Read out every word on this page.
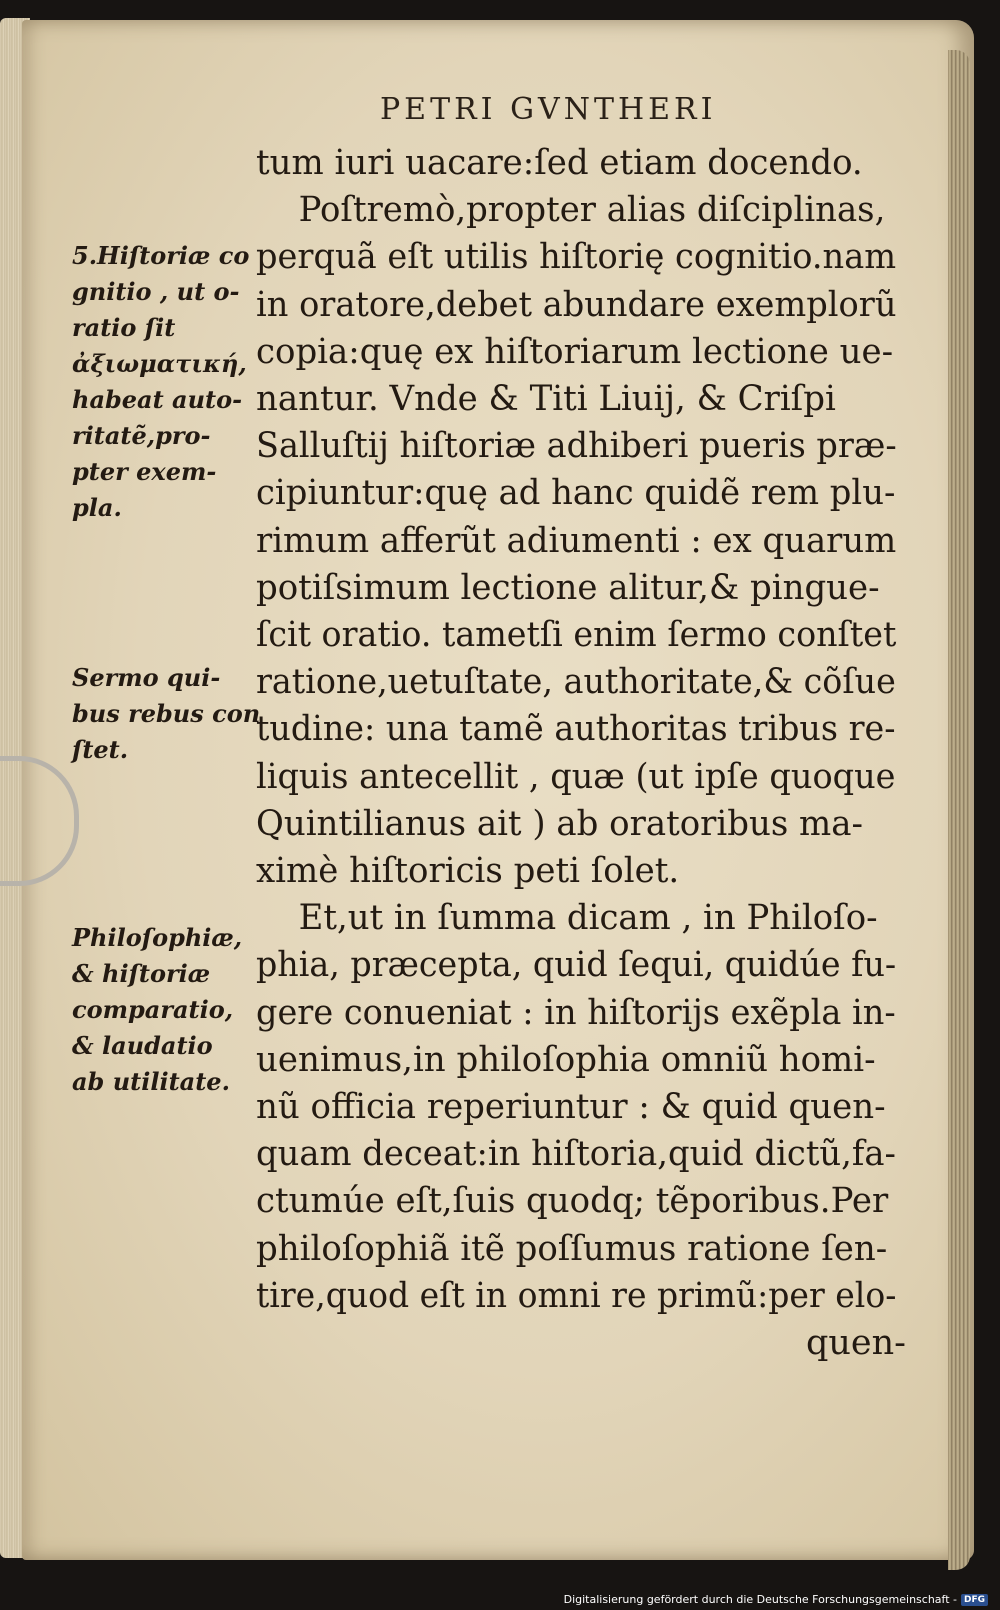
PETRI GVNTHERI
tum iuri uacare:ſed etiam docendo.
Poſtremò,propter alias diſciplinas,
perquã eſt utilis hiſtorię cognitio.nam
in oratore,debet abundare exemplorũ
copia:quę ex hiſtoriarum lectione ue-
nantur. Vnde & Titi Liuij, & Criſpi
Salluſtij hiſtoriæ adhiberi pueris præ-
cipiuntur:quę ad hanc quidẽ rem plu-
rimum afferũt adiumenti : ex quarum
potiſsimum lectione alitur,& pingue-
ſcit oratio. tametſi enim ſermo conſtet
ratione,uetuſtate, authoritate,& cõſue
tudine: una tamẽ authoritas tribus re-
liquis antecellit , quæ (ut ipſe quoque
Quintilianus ait ) ab oratoribus ma-
ximè hiſtoricis peti ſolet.
Et,ut in ſumma dicam , in Philoſo-
phia, præcepta, quid ſequi, quidúe fu-
gere conueniat : in hiſtorijs exẽpla in-
uenimus,in philoſophia omniũ homi-
nũ officia reperiuntur : & quid quen-
quam deceat:in hiſtoria,quid dictũ,fa-
ctumúe eſt,ſuis quodq; tẽporibus.Per
philoſophiã itẽ poſſumus ratione ſen-
tire,quod eſt in omni re primũ:per elo-
quen-
5.Hiſtoriæ co
gnitio , ut o-
ratio ſit
ἀξιωματική,
habeat auto-
ritatẽ,pro-
pter exem-
pla.
Sermo qui-
bus rebus con
ſtet.
Philoſophiæ,
& hiſtoriæ
comparatio,
& laudatio
ab utilitate.
Digitalisierung gefördert durch die Deutsche Forschungsgemeinschaft - DFG
